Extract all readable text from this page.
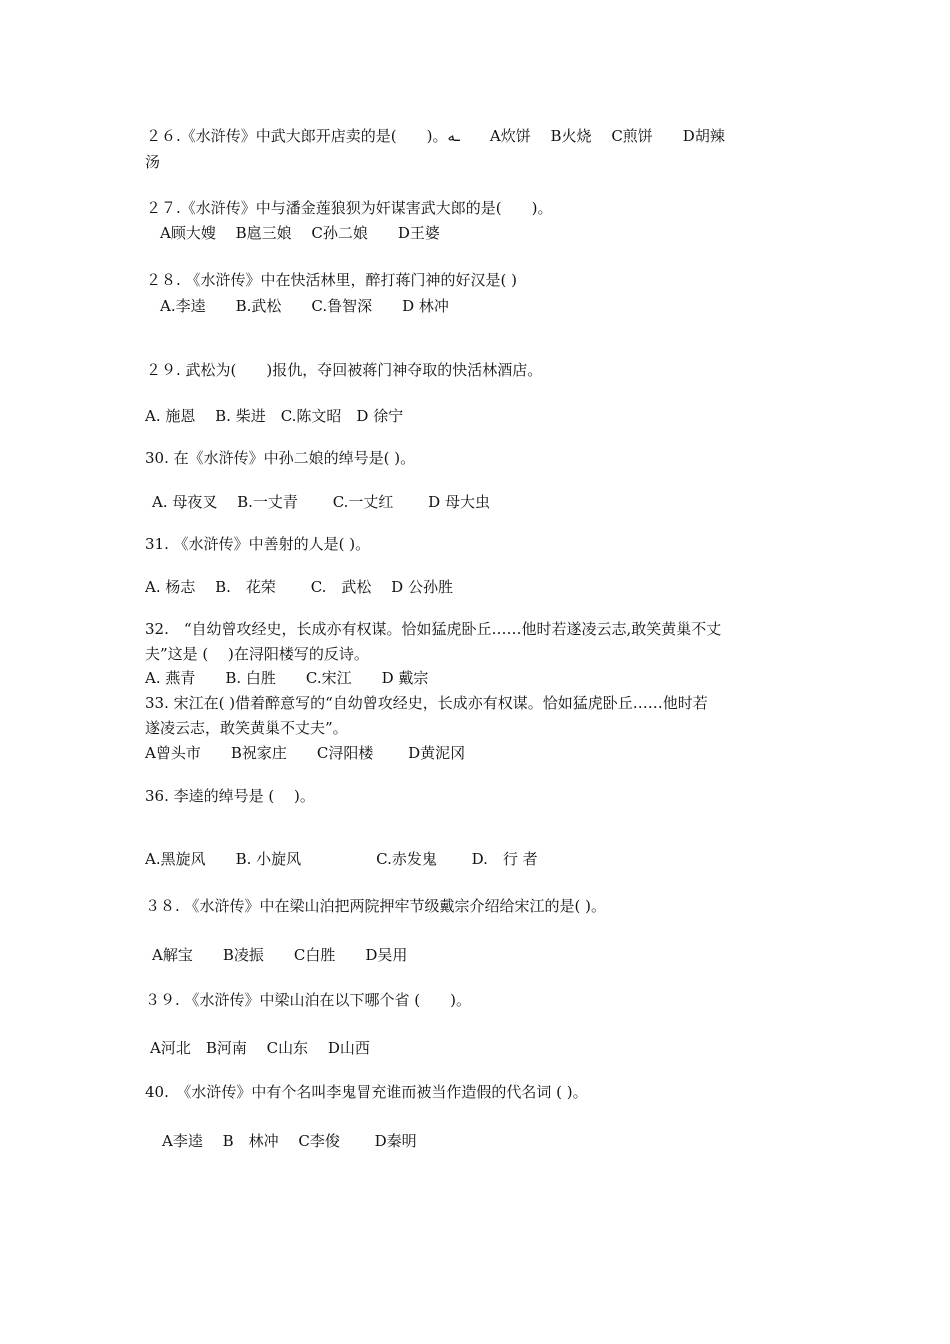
２６.《水浒传》中武大郎开店卖的是(　　)。ـه　　A炊饼　 B火烧　 C煎饼　　D胡辣

汤

２７.《水浒传》中与潘金莲狼狈为奸谋害武大郎的是(　　)。

A顾大嫂　 B扈三娘　 C孙二娘　　D王婆

２８. 《水浒传》中在快活林里，醉打蒋门神的好汉是( )

A.李逵　　B.武松　　C.鲁智深　　D 林冲

２９. 武松为(　　)报仇，夺回被蒋门神夺取的快活林酒店。

A. 施恩　 B. 柴进　C.陈文昭　D 徐宁

30. 在《水浒传》中孙二娘的绰号是( )。

A. 母夜叉　 B.一丈青　　 C.一丈红　　 D 母大虫

31. 《水浒传》中善射的人是( )。

A. 杨志　 B.　花荣　　 C.　武松　 D 公孙胜

32.　“自幼曾攻经史，长成亦有权谋。恰如猛虎卧丘……他时若遂凌云志,敢笑黄巢不丈

夫”这是 (　 )在浔阳楼写的反诗。

A. 燕青　　B. 白胜　　C.宋江　　D 戴宗

33. 宋江在( )借着醉意写的“自幼曾攻经史，长成亦有权谋。恰如猛虎卧丘……他时若

遂凌云志，敢笑黄巢不丈夫”。

A曾头市　　B祝家庄　　C浔阳楼　　 D黄泥冈

36. 李逵的绰号是 (　 )。

A.黑旋风　　B. 小旋风　　　　　C.赤发鬼　　 D.　行 者

３８. 《水浒传》中在梁山泊把两院押牢节级戴宗介绍给宋江的是( )。

A解宝　　B凌振　　C白胜　　D吴用

３９. 《水浒传》中梁山泊在以下哪个省 (　　)。

A河北　B河南　 C山东　 D山西

40.　《水浒传》中有个名叫李鬼冒充谁而被当作造假的代名词 ( )。

A李逵　 B　林冲　 C李俊　　 D秦明
